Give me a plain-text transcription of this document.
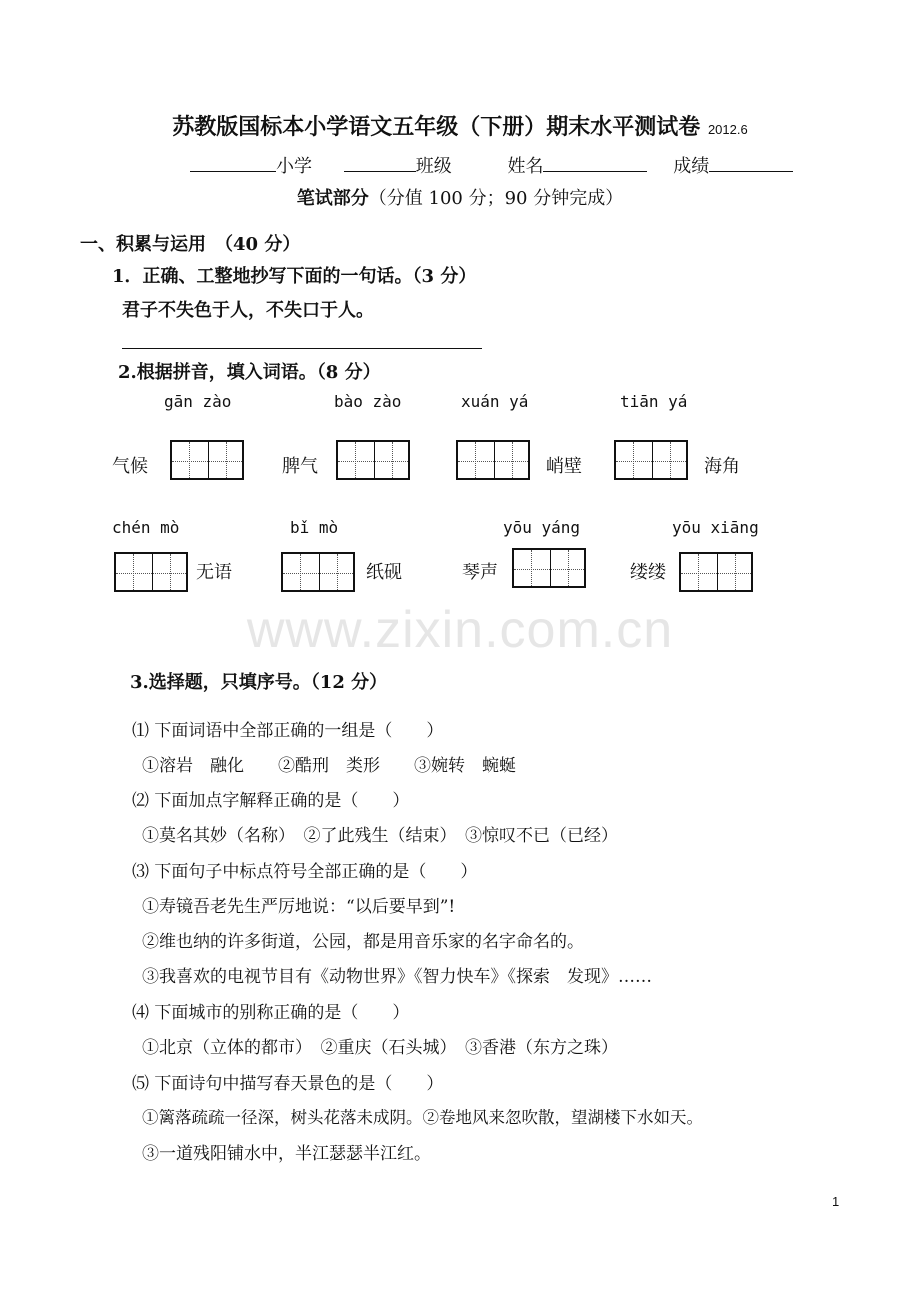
苏教版国标本小学语文五年级（下册）期末水平测试卷 2012.6
小学	班级	姓名	成绩
笔试部分（分值 100 分；90 分钟完成）
一、积累与运用　（40 分）
1．正确、工整地抄写下面的一句话。（3 分）
君子不失色于人，不失口于人。
2.根据拼音，填入词语。（8 分）
gān zào	bào zào	xuán yá	tiān yá
气候	脾气	峭壁	海角
chén mò	bǐ mò	yōu yáng	yōu xiāng
无语	纸砚	琴声	缕缕
www.zixin.com.cn
3.选择题，只填序号。（12 分）
⑴ 下面词语中全部正确的一组是（　　）
①溶岩　融化　　②酷刑　类形　　③婉转　蜿蜒
⑵ 下面加点字解释正确的是（　　）
①莫名其妙（名称）　②了此残生（结束）　③惊叹不已（已经）
⑶ 下面句子中标点符号全部正确的是（　　）
①寿镜吾老先生严厉地说：“以后要早到”!
②维也纳的许多街道，公园，都是用音乐家的名字命名的。
③我喜欢的电视节目有《动物世界》《智力快车》《探索　发现》……
⑷ 下面城市的别称正确的是（　　）
①北京（立体的都市）　②重庆（石头城）　③香港（东方之珠）
⑸ 下面诗句中描写春天景色的是（　　）
①篱落疏疏一径深，树头花落未成阴。②卷地风来忽吹散，望湖楼下水如天。
③一道残阳铺水中，半江瑟瑟半江红。
1
